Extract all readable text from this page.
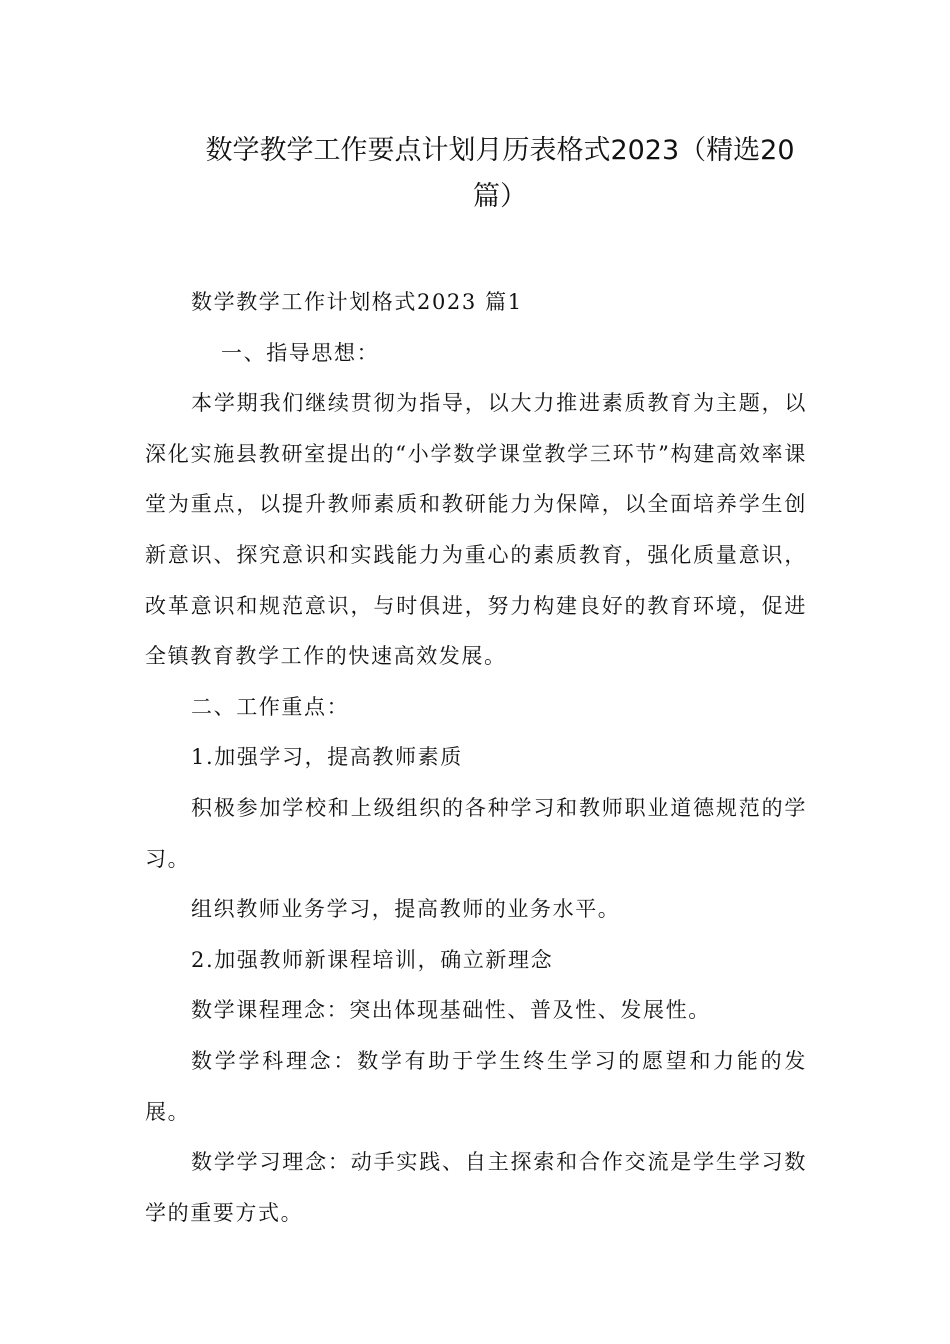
数学教学工作要点计划月历表格式2023（精选20
篇）

数学教学工作计划格式2023 篇1

一、指导思想：

本学期我们继续贯彻为指导，以大力推进素质教育为主题，以深化实施县教研室提出的“小学数学课堂教学三环节”构建高效率课堂为重点，以提升教师素质和教研能力为保障，以全面培养学生创新意识、探究意识和实践能力为重心的素质教育，强化质量意识，改革意识和规范意识，与时俱进，努力构建良好的教育环境，促进全镇教育教学工作的快速高效发展。

二、工作重点：

1.加强学习，提高教师素质

积极参加学校和上级组织的各种学习和教师职业道德规范的学习。

组织教师业务学习，提高教师的业务水平。

2.加强教师新课程培训，确立新理念

数学课程理念：突出体现基础性、普及性、发展性。

数学学科理念：数学有助于学生终生学习的愿望和力能的发展。

数学学习理念：动手实践、自主探索和合作交流是学生学习数学的重要方式。
